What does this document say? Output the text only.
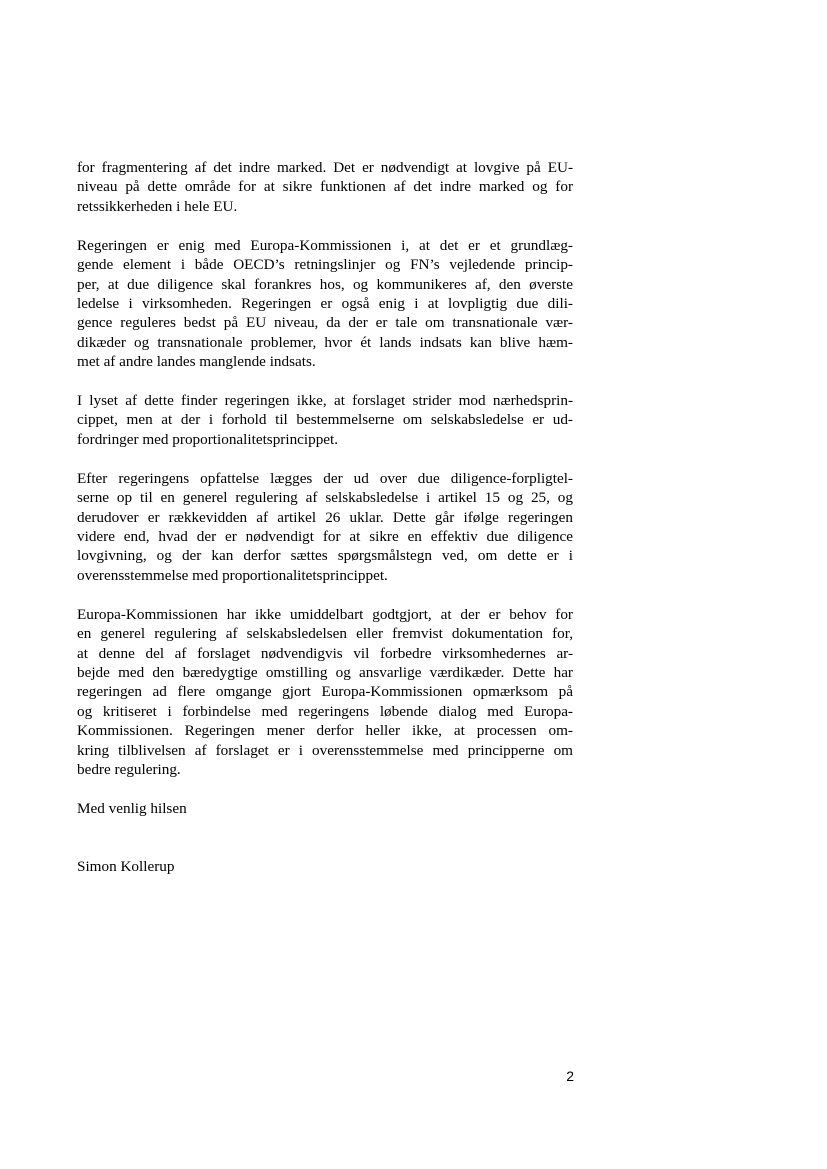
for fragmentering af det indre marked. Det er nødvendigt at lovgive på EU-
niveau på dette område for at sikre funktionen af det indre marked og for
retssikkerheden i hele EU.

Regeringen er enig med Europa-Kommissionen i, at det er et grundlæg-
gende element i både OECD’s retningslinjer og FN’s vejledende princip-
per, at due diligence skal forankres hos, og kommunikeres af, den øverste
ledelse i virksomheden. Regeringen er også enig i at lovpligtig due dili-
gence reguleres bedst på EU niveau, da der er tale om transnationale vær-
dikæder og transnationale problemer, hvor ét lands indsats kan blive hæm-
met af andre landes manglende indsats.

I lyset af dette finder regeringen ikke, at forslaget strider mod nærhedsprin-
cippet, men at der i forhold til bestemmelserne om selskabsledelse er ud-
fordringer med proportionalitetsprincippet.

Efter regeringens opfattelse lægges der ud over due diligence-forpligtel-
serne op til en generel regulering af selskabsledelse i artikel 15 og 25, og
derudover er rækkevidden af artikel 26 uklar. Dette går ifølge regeringen
videre end, hvad der er nødvendigt for at sikre en effektiv due diligence
lovgivning, og der kan derfor sættes spørgsmålstegn ved, om dette er i
overensstemmelse med proportionalitetsprincippet.

Europa-Kommissionen har ikke umiddelbart godtgjort, at der er behov for
en generel regulering af selskabsledelsen eller fremvist dokumentation for,
at denne del af forslaget nødvendigvis vil forbedre virksomhedernes ar-
bejde med den bæredygtige omstilling og ansvarlige værdikæder. Dette har
regeringen ad flere omgange gjort Europa-Kommissionen opmærksom på
og kritiseret i forbindelse med regeringens løbende dialog med Europa-
Kommissionen. Regeringen mener derfor heller ikke, at processen om-
kring tilblivelsen af forslaget er i overensstemmelse med principperne om
bedre regulering.

Med venlig hilsen

Simon Kollerup

2
